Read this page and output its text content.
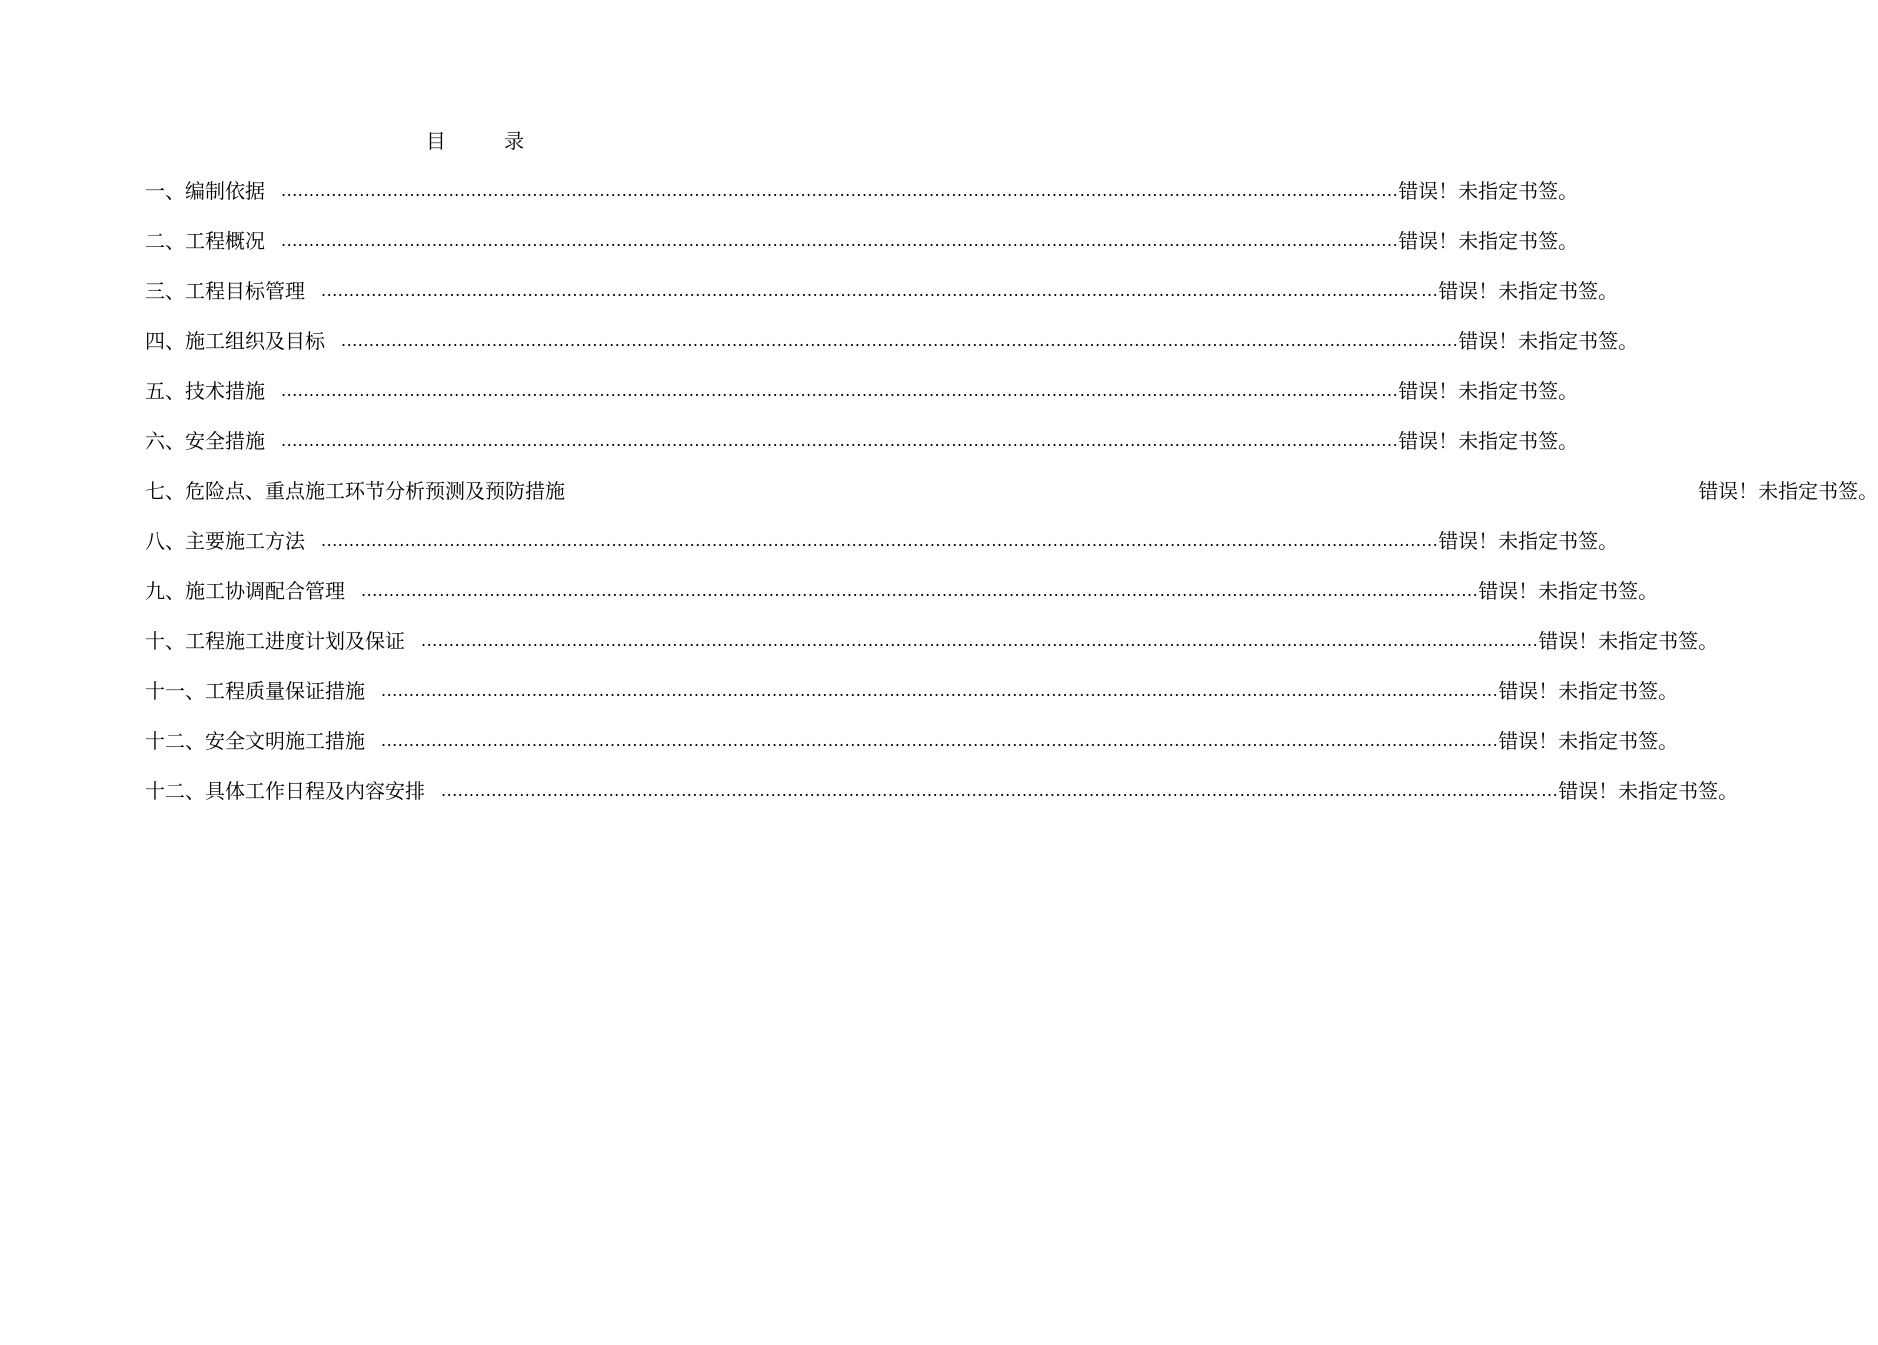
目 录
一、编制依据	........................................................................................................................................................................................................ 错误！未指定书签。
二、工程概况	........................................................................................................................................................................................................ 错误！未指定书签。
三、工程目标管理	........................................................................................................................................................................................................ 错误！未指定书签。
四、施工组织及目标	........................................................................................................................................................................................................ 错误！未指定书签。
五、技术措施	........................................................................................................................................................................................................ 错误！未指定书签。
六、安全措施	........................................................................................................................................................................................................ 错误！未指定书签。
七、危险点、重点施工环节分析预测及预防措施	错误！未指定书签。
八、主要施工方法	........................................................................................................................................................................................................ 错误！未指定书签。
九、施工协调配合管理	........................................................................................................................................................................................................ 错误！未指定书签。
十、工程施工进度计划及保证	........................................................................................................................................................................................................ 错误！未指定书签。
十一、工程质量保证措施	........................................................................................................................................................................................................ 错误！未指定书签。
十二、安全文明施工措施	........................................................................................................................................................................................................ 错误！未指定书签。
十二、具体工作日程及内容安排	........................................................................................................................................................................................................ 错误！未指定书签。
